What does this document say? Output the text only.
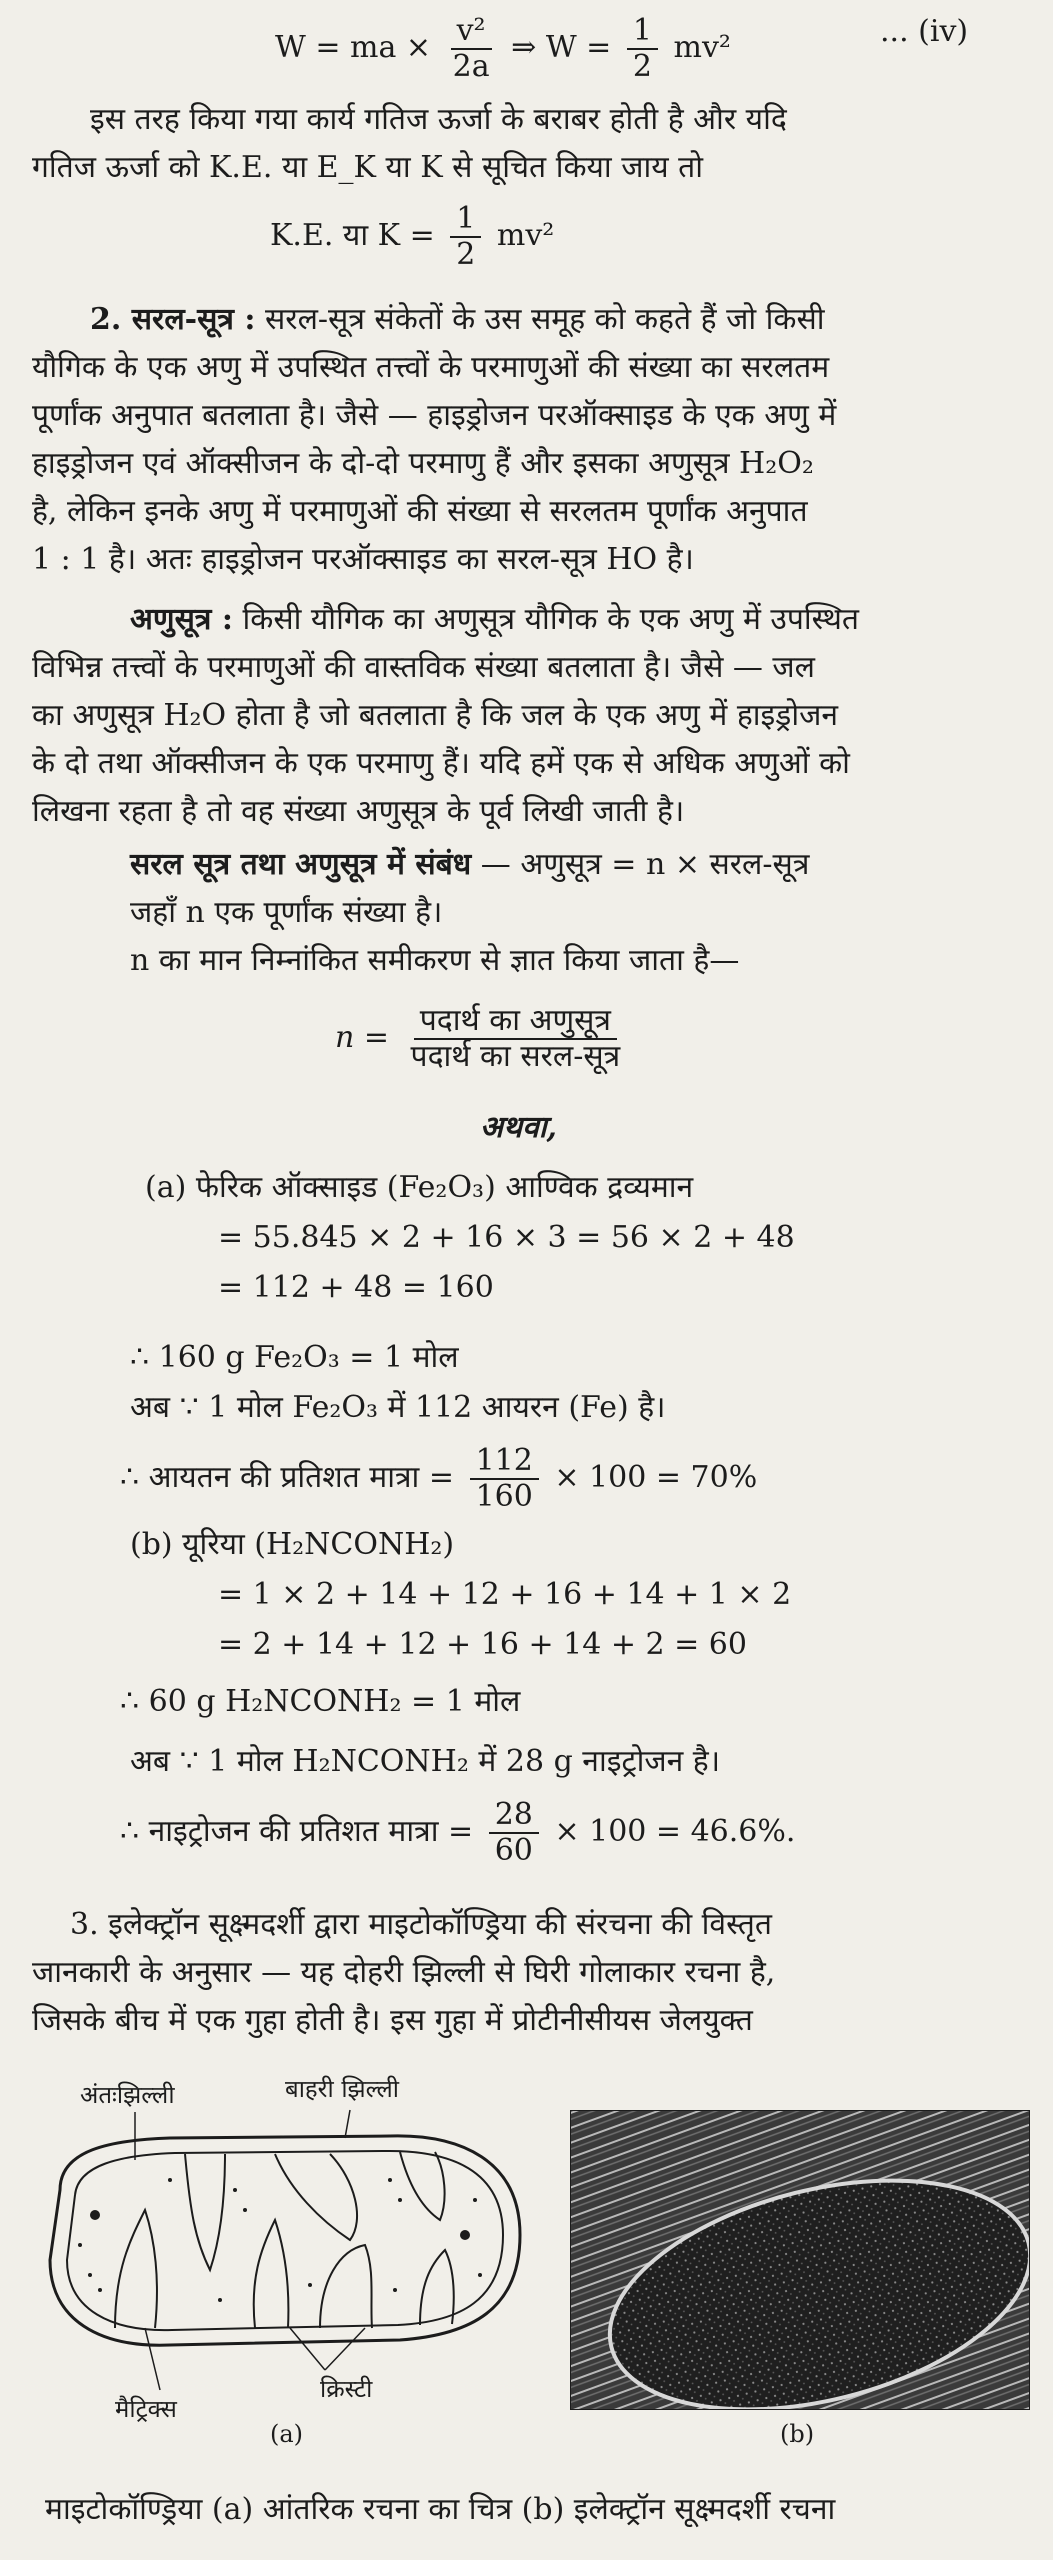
W = ma × $\frac{\text{v²}}{2a}$ ⇒ $W = \frac{1}{2} mv^2$	... (iv)
इस तरह किया गया कार्य गतिज ऊर्जा के बराबर होती है और यदि
गतिज ऊर्जा को K.E. या E_K या K से सूचित किया जाय तो
K.E. या $K = \frac{1}{2} mv^2$
2. सरल-सूत्र : सरल-सूत्र संकेतों के उस समूह को कहते हैं जो किसी
यौगिक के एक अणु में उपस्थित तत्त्वों के परमाणुओं की संख्या का सरलतम
पूर्णांक अनुपात बतलाता है। जैसे — हाइड्रोजन परऑक्साइड के एक अणु में
हाइड्रोजन एवं ऑक्सीजन के दो-दो परमाणु हैं और इसका अणुसूत्र H₂O₂
है, लेकिन इनके अणु में परमाणुओं की संख्या से सरलतम पूर्णांक अनुपात
1 : 1 है। अतः हाइड्रोजन परऑक्साइड का सरल-सूत्र HO है।
अणुसूत्र : किसी यौगिक का अणुसूत्र यौगिक के एक अणु में उपस्थित
विभिन्न तत्त्वों के परमाणुओं की वास्तविक संख्या बतलाता है। जैसे — जल
का अणुसूत्र H₂O होता है जो बतलाता है कि जल के एक अणु में हाइड्रोजन
के दो तथा ऑक्सीजन के एक परमाणु हैं। यदि हमें एक से अधिक अणुओं को
लिखना रहता है तो वह संख्या अणुसूत्र के पूर्व लिखी जाती है।
सरल सूत्र तथा अणुसूत्र में संबंध — अणुसूत्र = n × सरल-सूत्र
जहाँ n एक पूर्णांक संख्या है।
n का मान निम्नांकित समीकरण से ज्ञात किया जाता है—
$n = \frac{\text{पदार्थ का अणुसूत्र}}{\text{पदार्थ का सरल-सूत्र}}$
अथवा,
(a) फेरिक ऑक्साइड (Fe₂O₃) आण्विक द्रव्यमान
= 55.845 × 2 + 16 × 3 = 56 × 2 + 48
= 112 + 48 = 160
∴ 160 g Fe₂O₃ = 1 मोल
अब ∵ 1 मोल Fe₂O₃ में 112 आयरन (Fe) है।
∴ आयतन की प्रतिशत मात्रा = $\frac{112}{160} \times 100 = 70\%$
(b) यूरिया (H₂NCONH₂)
= 1 × 2 + 14 + 12 + 16 + 14 + 1 × 2
= 2 + 14 + 12 + 16 + 14 + 2 = 60
∴ 60 g H₂NCONH₂ = 1 मोल
अब ∵ 1 मोल H₂NCONH₂ में 28 g नाइट्रोजन है।
∴ नाइट्रोजन की प्रतिशत मात्रा = $\frac{28}{60} \times 100 = 46.6\%$.
3. इलेक्ट्रॉन सूक्ष्मदर्शी द्वारा माइटोकॉण्ड्रिया की संरचना की विस्तृत
जानकारी के अनुसार — यह दोहरी झिल्ली से घिरी गोलाकार रचना है,
जिसके बीच में एक गुहा होती है। इस गुहा में प्रोटीनीसीयस जेलयुक्त
अंतःझिल्ली	बाहरी झिल्ली
मैट्रिक्स
क्रिस्टी
(a)	(b)
माइटोकॉण्ड्रिया (a) आंतरिक रचना का चित्र (b) इलेक्ट्रॉन सूक्ष्मदर्शी रचना
